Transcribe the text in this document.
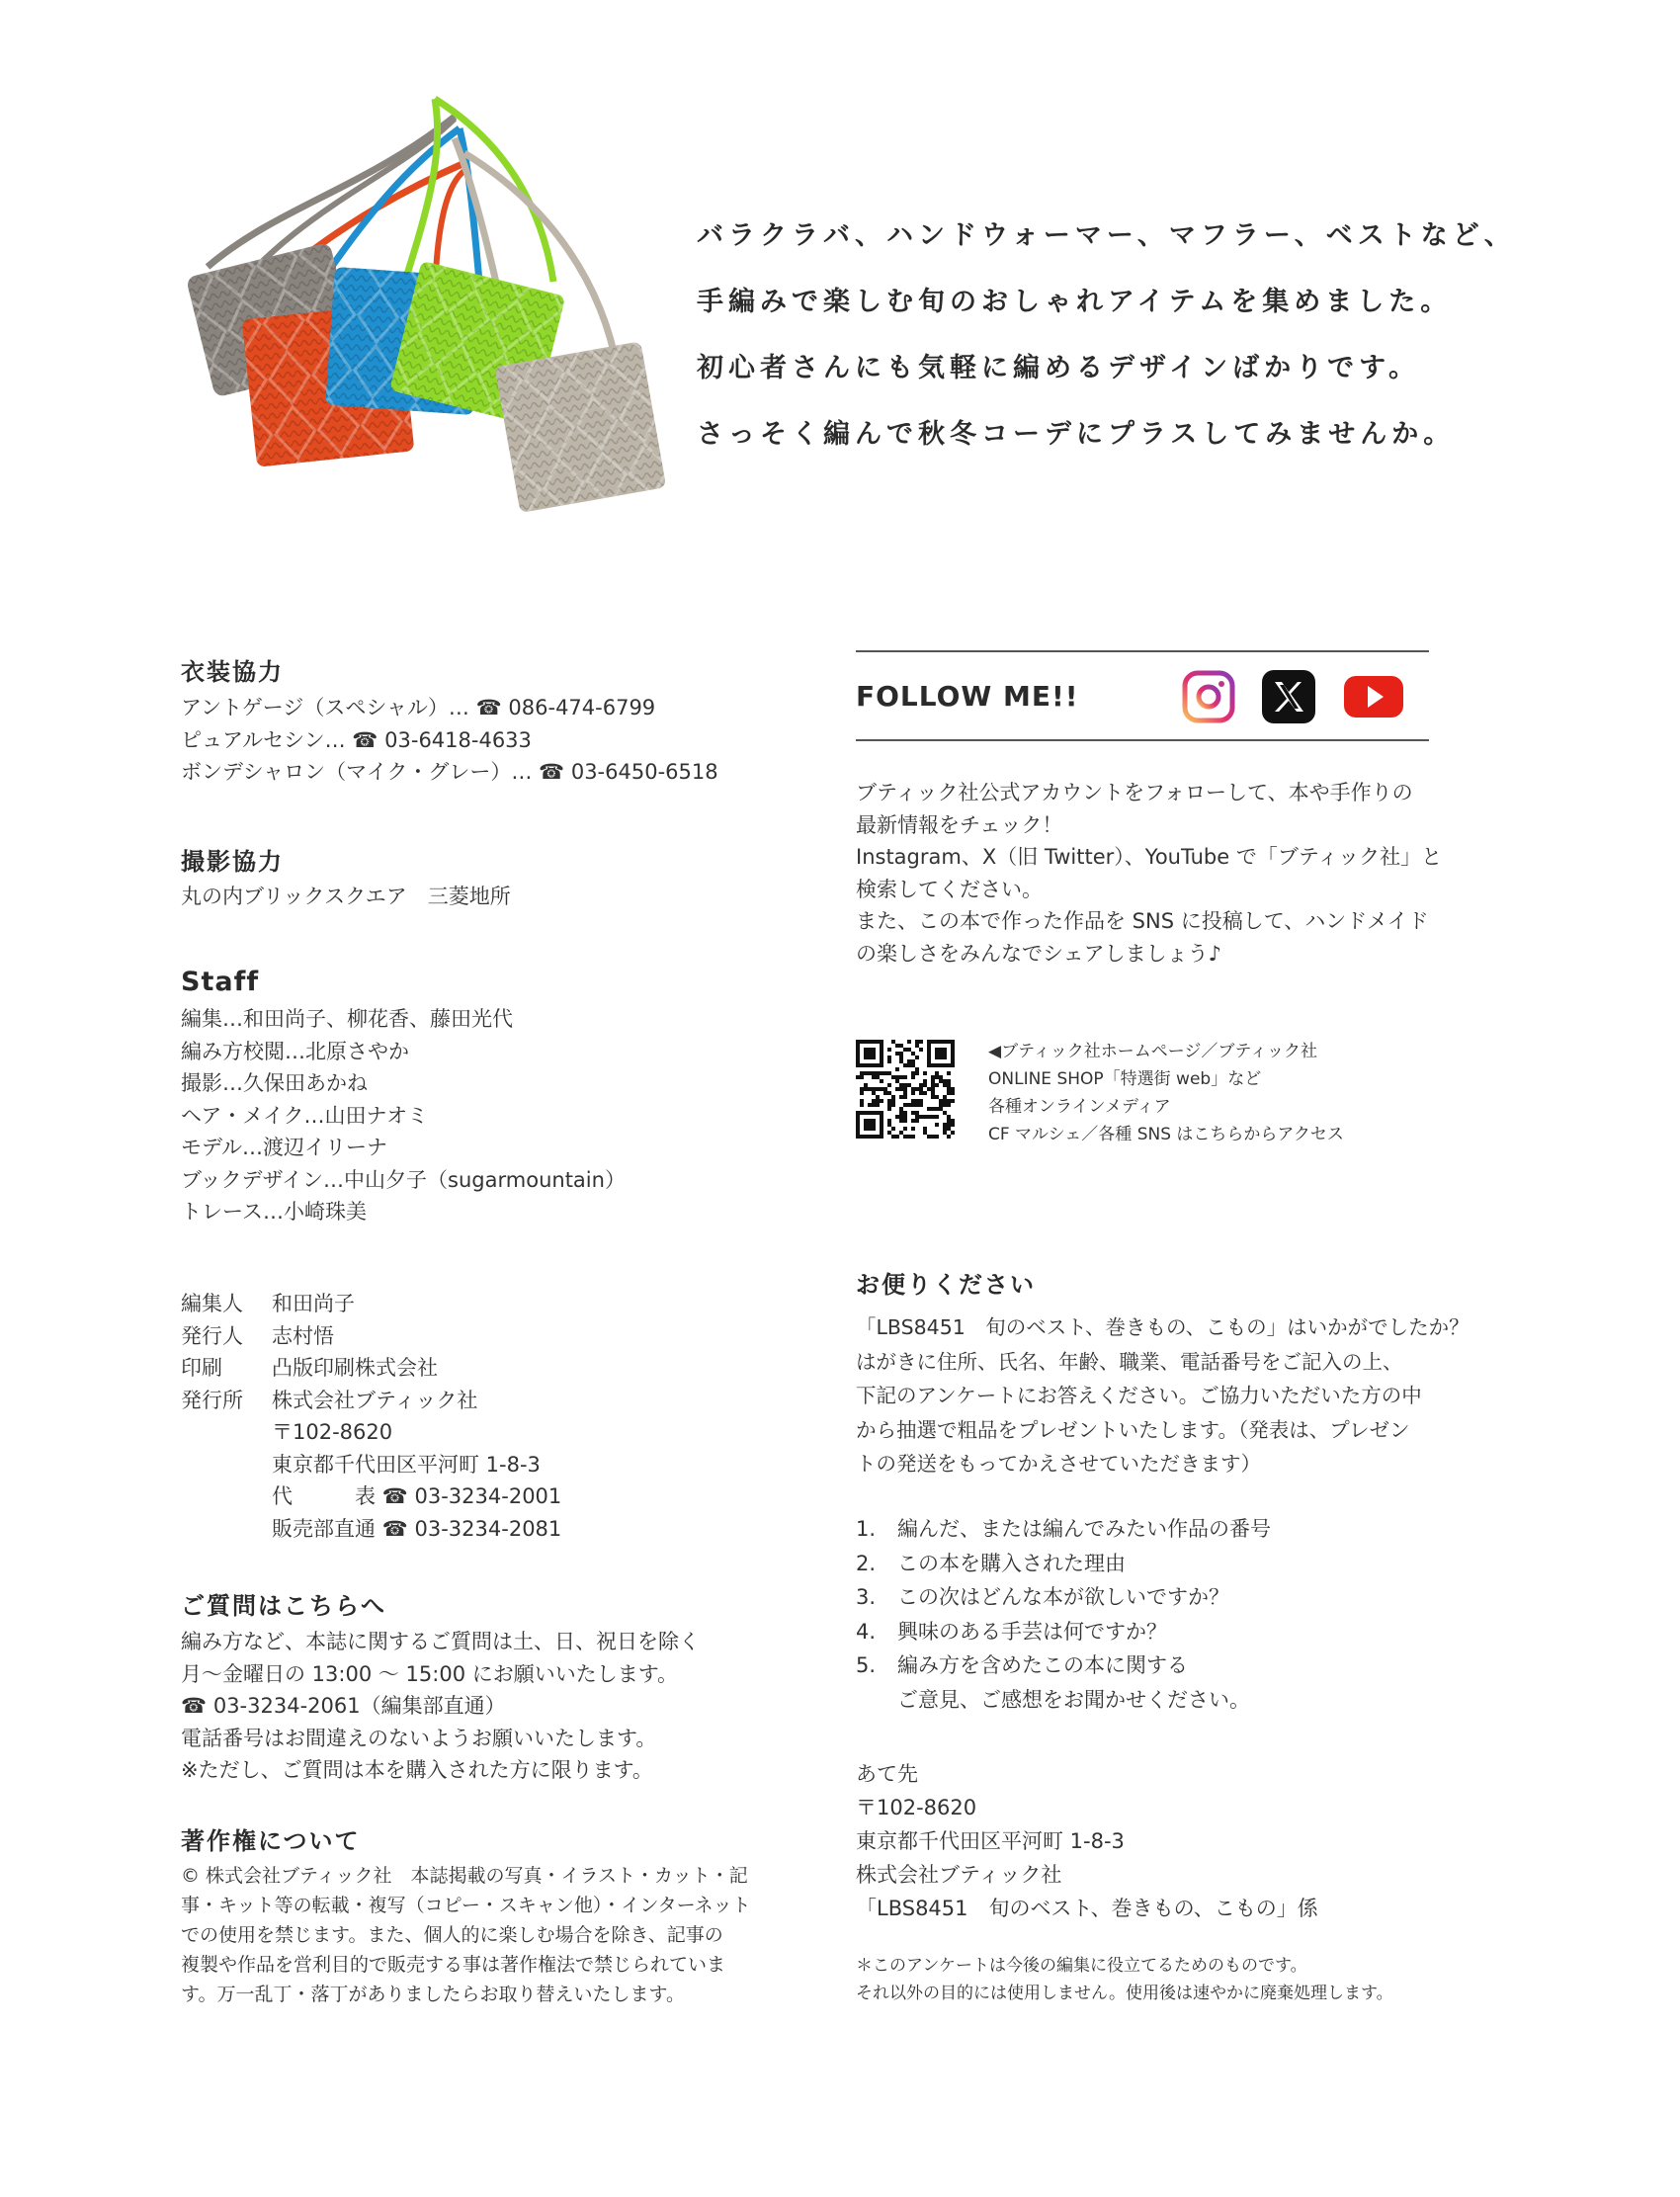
バラクラバ、ハンドウォーマー、マフラー、ベストなど、
手編みで楽しむ旬のおしゃれアイテムを集めました。
初心者さんにも気軽に編めるデザインばかりです。
さっそく編んで秋冬コーデにプラスしてみませんか。
衣装協力
アントゲージ（スペシャル）… ☎ 086-474-6799
ピュアルセシン… ☎ 03-6418-4633
ボンデシャロン（マイク・グレー）… ☎ 03-6450-6518
撮影協力
丸の内ブリックスクエア　三菱地所
Staff
編集…和田尚子、柳花香、藤田光代
編み方校閲…北原さやか
撮影…久保田あかね
ヘア・メイク…山田ナオミ
モデル…渡辺イリーナ
ブックデザイン…中山夕子（sugarmountain）
トレース…小崎珠美
編集人	和田尚子
発行人	志村悟
印刷	凸版印刷株式会社
発行所	株式会社ブティック社
〒102-8620
東京都千代田区平河町 1-8-3
代　　　表 ☎ 03-3234-2001
販売部直通 ☎ 03-3234-2081
ご質問はこちらへ
編み方など、本誌に関するご質問は土、日、祝日を除く
月～金曜日の 13:00 ～ 15:00 にお願いいたします。
☎ 03-3234-2061（編集部直通）
電話番号はお間違えのないようお願いいたします。
※ただし、ご質問は本を購入された方に限ります。
著作権について
© 株式会社ブティック社　本誌掲載の写真・イラスト・カット・記
事・キット等の転載・複写（コピー・スキャン他）・インターネット
での使用を禁じます。また、個人的に楽しむ場合を除き、記事の
複製や作品を営利目的で販売する事は著作権法で禁じられていま
す。万一乱丁・落丁がありましたらお取り替えいたします。
FOLLOW ME!!
ブティック社公式アカウントをフォローして、本や手作りの
最新情報をチェック！
Instagram、X（旧 Twitter）、YouTube で「ブティック社」と
検索してください。
また、この本で作った作品を SNS に投稿して、ハンドメイド
の楽しさをみんなでシェアしましょう♪
◀ブティック社ホームページ／ブティック社
ONLINE SHOP「特選街 web」など
各種オンラインメディア
CF マルシェ／各種 SNS はこちらからアクセス
お便りください
「LBS8451　旬のベスト、巻きもの、こもの」はいかがでしたか？
はがきに住所、氏名、年齢、職業、電話番号をご記入の上、
下記のアンケートにお答えください。ご協力いただいた方の中
から抽選で粗品をプレゼントいたします。（発表は、プレゼン
トの発送をもってかえさせていただきます）
1.	編んだ、または編んでみたい作品の番号
2.	この本を購入された理由
3.	この次はどんな本が欲しいですか？
4.	興味のある手芸は何ですか？
5.	編み方を含めたこの本に関する
ご意見、ご感想をお聞かせください。
あて先
〒102-8620
東京都千代田区平河町 1-8-3
株式会社ブティック社
「LBS8451　旬のベスト、巻きもの、こもの」係
＊このアンケートは今後の編集に役立てるためのものです。
それ以外の目的には使用しません。使用後は速やかに廃棄処理します。
